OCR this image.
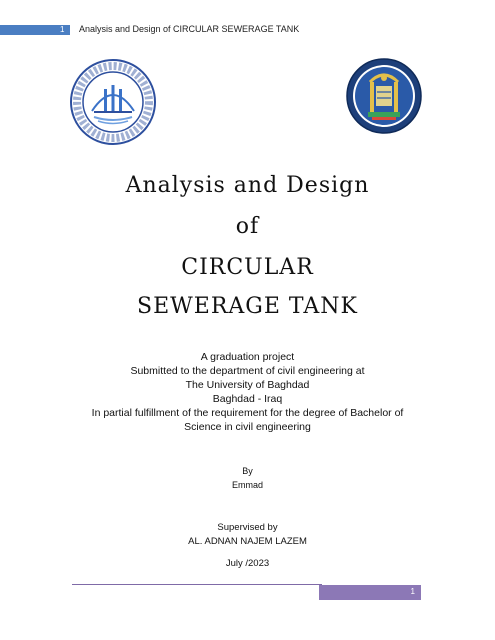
1 Analysis and Design of CIRCULAR SEWERAGE TANK
Analysis and Design
of
CIRCULAR
SEWERAGE TANK
A graduation project
Submitted to the department of civil engineering at
The University of Baghdad
Baghdad - Iraq
In partial fulfillment of the requirement for the degree of Bachelor of
Science in civil engineering
By
Emmad
Supervised by
AL. ADNAN NAJEM LAZEM
July /2023
1
